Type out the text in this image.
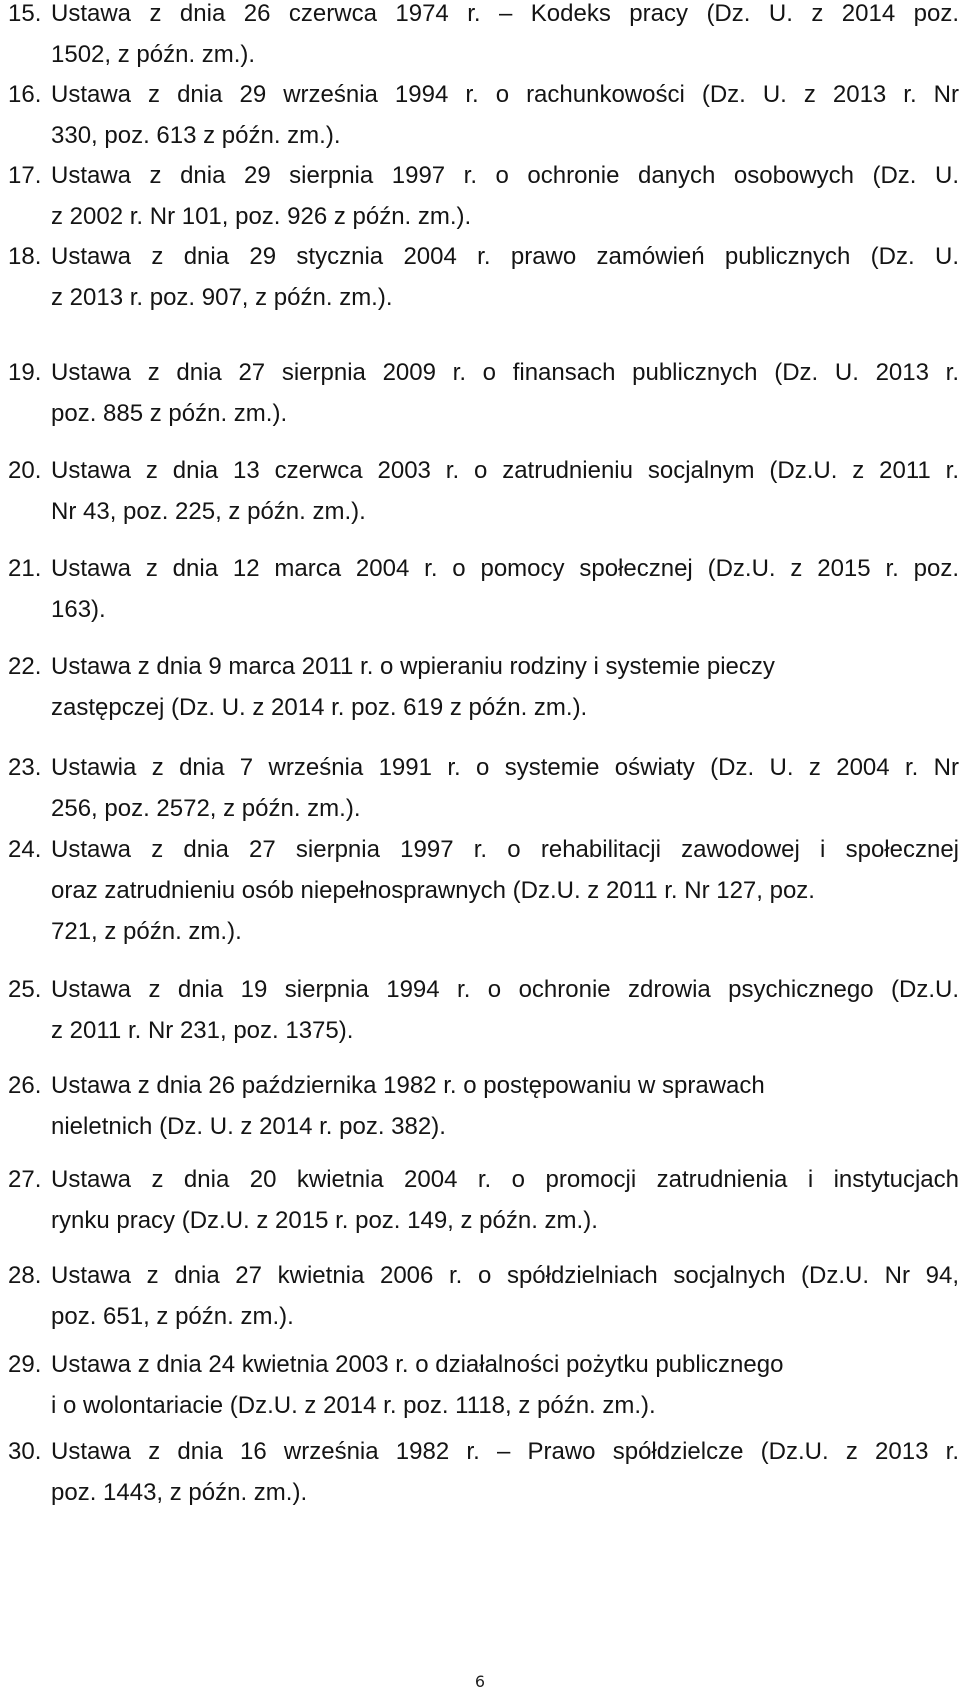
15. Ustawa z dnia 26 czerwca 1974 r. – Kodeks pracy (Dz. U. z 2014 poz.
1502, z późn. zm.).
16. Ustawa z dnia 29 września 1994 r. o rachunkowości (Dz. U. z 2013 r. Nr
330, poz. 613 z późn. zm.).
17. Ustawa z dnia 29 sierpnia 1997 r. o ochronie danych osobowych (Dz. U.
z 2002 r. Nr 101, poz. 926 z późn. zm.).
18. Ustawa z dnia 29 stycznia 2004 r. prawo zamówień publicznych (Dz. U.
z 2013 r. poz. 907, z późn. zm.).
19. Ustawa z dnia 27 sierpnia 2009 r. o finansach publicznych (Dz. U. 2013 r.
poz. 885 z późn. zm.).
20. Ustawa z dnia 13 czerwca 2003 r. o zatrudnieniu socjalnym (Dz.U. z 2011 r.
Nr 43, poz. 225, z późn. zm.).
21. Ustawa z dnia 12 marca 2004 r. o pomocy społecznej (Dz.U. z 2015 r. poz.
163).
22. Ustawa z dnia 9 marca 2011 r. o wpieraniu rodziny i systemie pieczy
zastępczej (Dz. U. z 2014 r. poz. 619 z późn. zm.).
23. Ustawia z dnia 7 września 1991 r. o systemie oświaty (Dz. U. z 2004 r. Nr
256, poz. 2572, z późn. zm.).
24. Ustawa z dnia 27 sierpnia 1997 r. o rehabilitacji zawodowej i społecznej
oraz zatrudnieniu osób niepełnosprawnych (Dz.U. z 2011 r. Nr 127, poz.
721, z późn. zm.).
25. Ustawa z dnia 19 sierpnia 1994 r. o ochronie zdrowia psychicznego (Dz.U.
z 2011 r. Nr 231, poz. 1375).
26. Ustawa z dnia 26 października 1982 r. o postępowaniu w sprawach
nieletnich (Dz. U. z 2014 r. poz. 382).
27. Ustawa z dnia 20 kwietnia 2004 r. o promocji zatrudnienia i instytucjach
rynku pracy (Dz.U. z 2015 r. poz. 149, z późn. zm.).
28. Ustawa z dnia 27 kwietnia 2006 r. o spółdzielniach socjalnych (Dz.U. Nr 94,
poz. 651, z późn. zm.).
29. Ustawa z dnia 24 kwietnia 2003 r. o działalności pożytku publicznego
i o wolontariacie (Dz.U. z 2014 r. poz. 1118, z późn. zm.).
30. Ustawa z dnia 16 września 1982 r. – Prawo spółdzielcze (Dz.U. z 2013 r.
poz. 1443, z późn. zm.).
6
